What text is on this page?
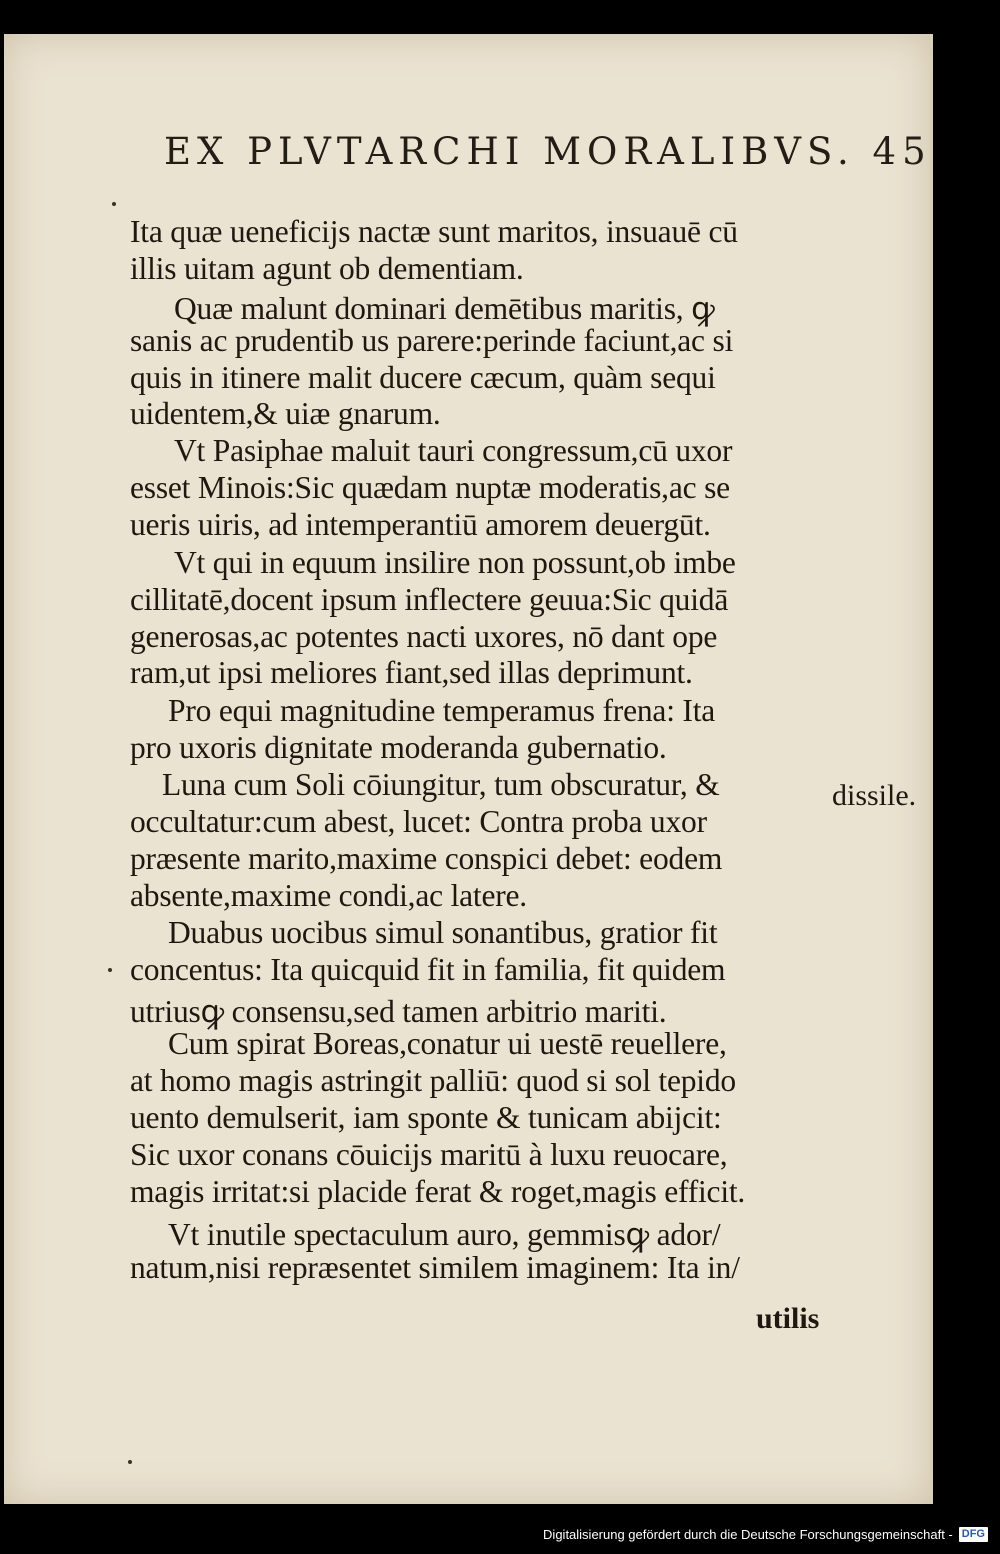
EX PLVTARCHI MORALIBVS. 45
Ita quæ ueneficijs nactæ sunt maritos, insuauē cū
illis uitam agunt ob dementiam.
Quæ malunt dominari demētibus maritis, ꝙ
sanis ac prudentib us parere:perinde faciunt,ac si
quis in itinere malit ducere cæcum, quàm sequi
uidentem,& uiæ gnarum.
Vt Pasiphae maluit tauri congressum,cū uxor
esset Minois:Sic quædam nuptæ moderatis,ac se
ueris uiris, ad intemperantiū amorem deuergūt.
Vt qui in equum insilire non possunt,ob imbe
cillitatē,docent ipsum inflectere geuua:Sic quidā
generosas,ac potentes nacti uxores, nō dant ope
ram,ut ipsi meliores fiant,sed illas deprimunt.
Pro equi magnitudine temperamus frena: Ita
pro uxoris dignitate moderanda gubernatio.
Luna cum Soli cōiungitur, tum obscuratur, &
occultatur:cum abest, lucet: Contra proba uxor
præsente marito,maxime conspici debet: eodem
absente,maxime condi,ac latere.
Duabus uocibus simul sonantibus, gratior fit
concentus: Ita quicquid fit in familia, fit quidem
utriusꝙ consensu,sed tamen arbitrio mariti.
Cum spirat Boreas,conatur ui uestē reuellere,
at homo magis astringit palliū: quod si sol tepido
uento demulserit, iam sponte & tunicam abijcit:
Sic uxor conans cōuicijs maritū à luxu reuocare,
magis irritat:si placide ferat & roget,magis efficit.
Vt inutile spectaculum auro, gemmisꝙ ador/
natum,nisi repræsentet similem imaginem: Ita in/
dissile.
utilis
Digitalisierung gefördert durch die Deutsche Forschungsgemeinschaft - DFG
